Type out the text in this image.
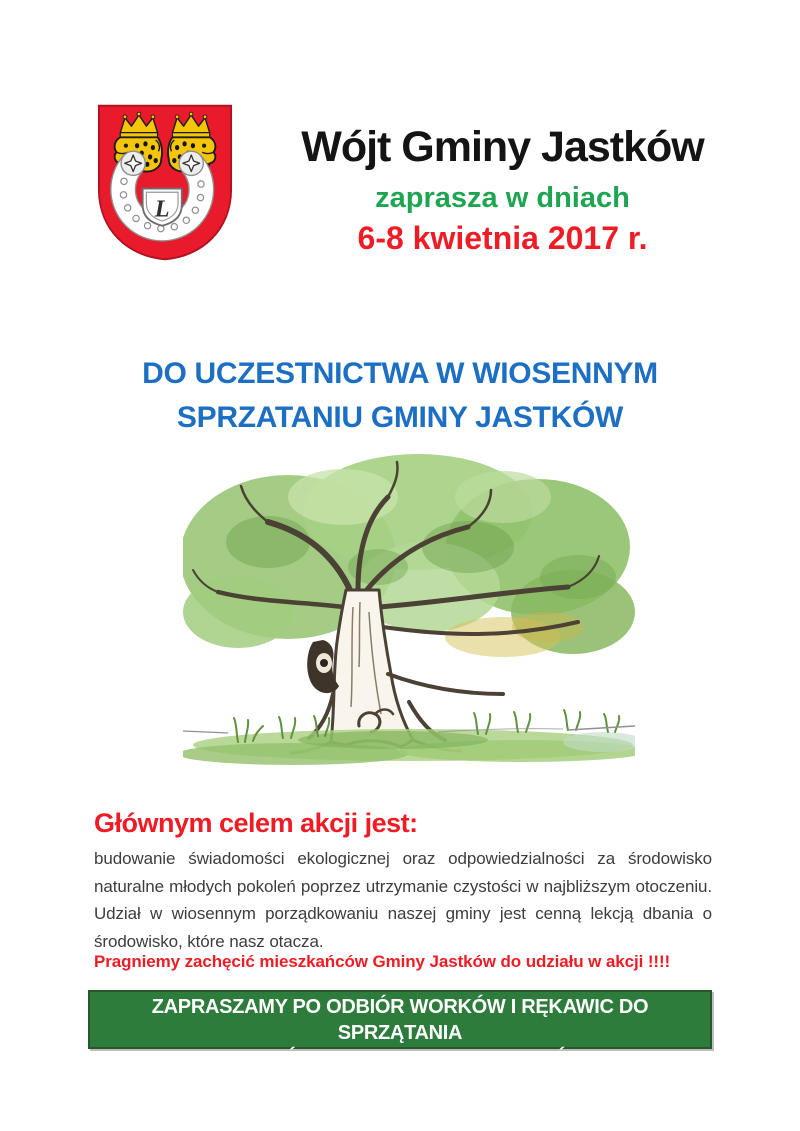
L
Wójt Gminy Jastków
zaprasza w dniach
6-8 kwietnia 2017 r.
DO UCZESTNICTWA W WIOSENNYM
SPRZATANIU GMINY JASTKÓW
Głównym celem akcji jest:
budowanie świadomości ekologicznej oraz odpowiedzialności za środowisko naturalne młodych pokoleń poprzez utrzymanie czystości w najbliższym otoczeniu. Udział w wiosennym porządkowaniu naszej gminy jest cenną lekcją dbania o środowisko, które nasz otacza.
Pragniemy zachęcić mieszkańców Gminy Jastków do udziału w akcji !!!!
ZAPRASZAMY PO ODBIÓR WORKÓW I RĘKAWIC DO SPRZĄTANIA
DO SOŁTYSÓW W SWOICH MIEJSCOWOŚCIACH
